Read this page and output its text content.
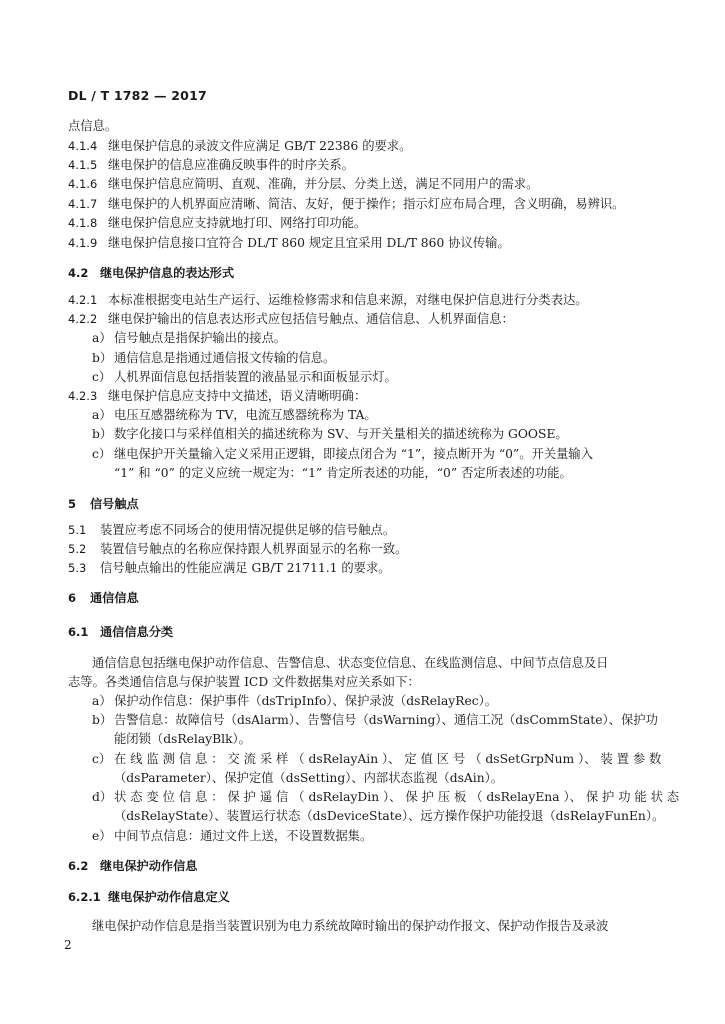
DL / T 1782 — 2017
点信息。
4.1.4 继电保护信息的录波文件应满足 GB/T 22386 的要求。
4.1.5 继电保护的信息应准确反映事件的时序关系。
4.1.6 继电保护信息应简明、直观、准确，并分层、分类上送，满足不同用户的需求。
4.1.7 继电保护的人机界面应清晰、简洁、友好，便于操作；指示灯应布局合理，含义明确，易辨识。
4.1.8 继电保护信息应支持就地打印、网络打印功能。
4.1.9 继电保护信息接口宜符合 DL/T 860 规定且宜采用 DL/T 860 协议传输。
4.2 继电保护信息的表达形式
4.2.1 本标准根据变电站生产运行、运维检修需求和信息来源，对继电保护信息进行分类表达。
4.2.2 继电保护输出的信息表达形式应包括信号触点、通信信息、人机界面信息：
a） 信号触点是指保护输出的接点。
b） 通信信息是指通过通信报文传输的信息。
c） 人机界面信息包括指装置的液晶显示和面板显示灯。
4.2.3 继电保护信息应支持中文描述，语义清晰明确：
a） 电压互感器统称为 TV，电流互感器统称为 TA。
b） 数字化接口与采样值相关的描述统称为 SV、与开关量相关的描述统称为 GOOSE。
c） 继电保护开关量输入定义采用正逻辑，即接点闭合为 “1”，接点断开为 “0”。开关量输入
“1” 和 “0” 的定义应统一规定为：“1” 肯定所表述的功能，“0” 否定所表述的功能。
5 信号触点
5.1 装置应考虑不同场合的使用情况提供足够的信号触点。
5.2 装置信号触点的名称应保持跟人机界面显示的名称一致。
5.3 信号触点输出的性能应满足 GB/T 21711.1 的要求。
6 通信信息
6.1 通信信息分类
通信信息包括继电保护动作信息、告警信息、状态变位信息、在线监测信息、中间节点信息及日
志等。各类通信信息与保护装置 ICD 文件数据集对应关系如下：
a） 保护动作信息：保护事件（dsTripInfo）、保护录波（dsRelayRec）。
b） 告警信息：故障信号（dsAlarm）、告警信号（dsWarning）、通信工况（dsCommState）、保护功
能闭锁（dsRelayBlk）。
c） 在 线 监 测 信 息 ： 交 流 采 样 （ dsRelayAin ）、 定 值 区 号 （ dsSetGrpNum ）、 装 置 参 数
（dsParameter）、保护定值（dsSetting）、内部状态监视（dsAin）。
d） 状 态 变 位 信 息 ： 保 护 遥 信 （ dsRelayDin ）、 保 护 压 板 （ dsRelayEna ）、 保 护 功 能 状 态
（dsRelayState）、装置运行状态（dsDeviceState）、远方操作保护功能投退（dsRelayFunEn）。
e） 中间节点信息：通过文件上送，不设置数据集。
6.2 继电保护动作信息
6.2.1 继电保护动作信息定义
继电保护动作信息是指当装置识别为电力系统故障时输出的保护动作报文、保护动作报告及录波
2
